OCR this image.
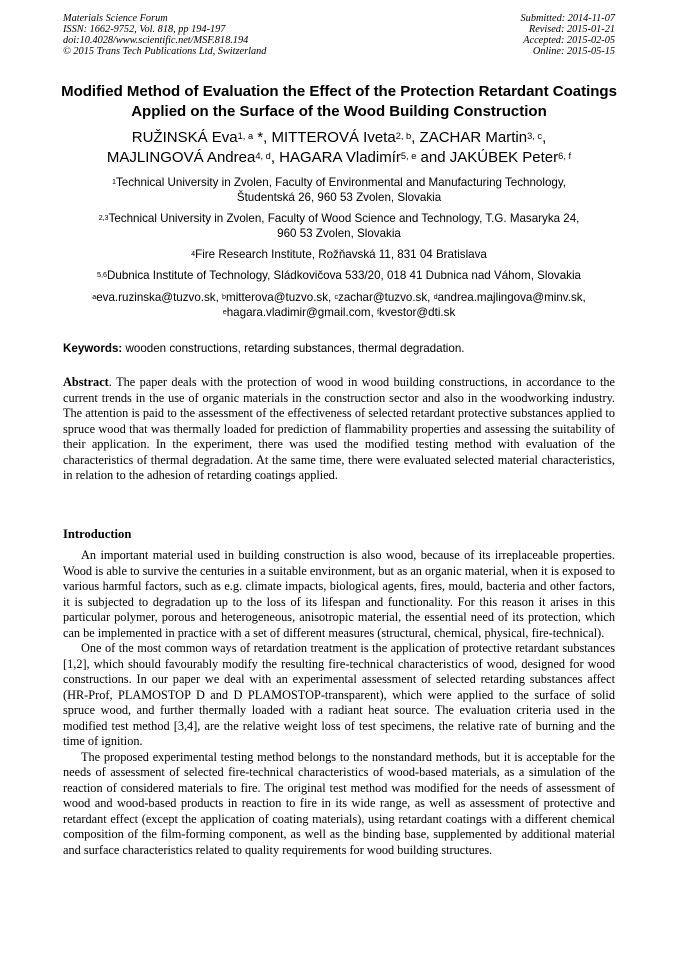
Materials Science Forum
ISSN: 1662-9752, Vol. 818, pp 194-197
doi:10.4028/www.scientific.net/MSF.818.194
© 2015 Trans Tech Publications Ltd, Switzerland
Submitted: 2014-11-07
Revised: 2015-01-21
Accepted: 2015-02-05
Online: 2015-05-15
Modified Method of Evaluation the Effect of the Protection Retardant Coatings Applied on the Surface of the Wood Building Construction
RUŽINSKÁ Eva$^{1, a}$ *, MITTEROVÁ Iveta$^{2, b}$, ZACHAR Martin$^{3, c}$,
MAJLINGOVÁ Andrea$^{4, d}$, HAGARA Vladimír$^{5, e}$ and JAKÚBEK Peter$^{6, f}$
$^1$Technical University in Zvolen, Faculty of Environmental and Manufacturing Technology,
Študentská 26, 960 53 Zvolen, Slovakia
$^{2,3}$Technical University in Zvolen, Faculty of Wood Science and Technology, T.G. Masaryka 24,
960 53 Zvolen, Slovakia
$^4$Fire Research Institute, Rožňavská 11, 831 04 Bratislava
$^{5,6}$Dubnica Institute of Technology, Sládkovičova 533/20, 018 41 Dubnica nad Váhom, Slovakia
$^a$eva.ruzinska@tuzvo.sk, $^b$mitterova@tuzvo.sk, $^c$zachar@tuzvo.sk, $^d$andrea.majlingova@minv.sk,
$^e$hagara.vladimir@gmail.com, $^f$kvestor@dti.sk
Keywords: wooden constructions, retarding substances, thermal degradation.
Abstract. The paper deals with the protection of wood in wood building constructions, in accordance to the current trends in the use of organic materials in the construction sector and also in the woodworking industry. The attention is paid to the assessment of the effectiveness of selected retardant protective substances applied to spruce wood that was thermally loaded for prediction of flammability properties and assessing the suitability of their application. In the experiment, there was used the modified testing method with evaluation of the characteristics of thermal degradation. At the same time, there were evaluated selected material characteristics, in relation to the adhesion of retarding coatings applied.
Introduction

An important material used in building construction is also wood, because of its irreplaceable properties. Wood is able to survive the centuries in a suitable environment, but as an organic material, when it is exposed to various harmful factors, such as e.g. climate impacts, biological agents, fires, mould, bacteria and other factors, it is subjected to degradation up to the loss of its lifespan and functionality. For this reason it arises in this particular polymer, porous and heterogeneous, anisotropic material, the essential need of its protection, which can be implemented in practice with a set of different measures (structural, chemical, physical, fire-technical).

One of the most common ways of retardation treatment is the application of protective retardant substances [1,2], which should favourably modify the resulting fire-technical characteristics of wood, designed for wood constructions. In our paper we deal with an experimental assessment of selected retarding substances affect (HR-Prof, PLAMOSTOP D and D PLAMOSTOP-transparent), which were applied to the surface of solid spruce wood, and further thermally loaded with a radiant heat source. The evaluation criteria used in the modified test method [3,4], are the relative weight loss of test specimens, the relative rate of burning and the time of ignition.

The proposed experimental testing method belongs to the nonstandard methods, but it is acceptable for the needs of assessment of selected fire-technical characteristics of wood-based materials, as a simulation of the reaction of considered materials to fire. The original test method was modified for the needs of assessment of wood and wood-based products in reaction to fire in its wide range, as well as assessment of protective and retardant effect (except the application of coating materials), using retardant coatings with a different chemical composition of the film-forming component, as well as the binding base, supplemented by additional material and surface characteristics related to quality requirements for wood building structures.
